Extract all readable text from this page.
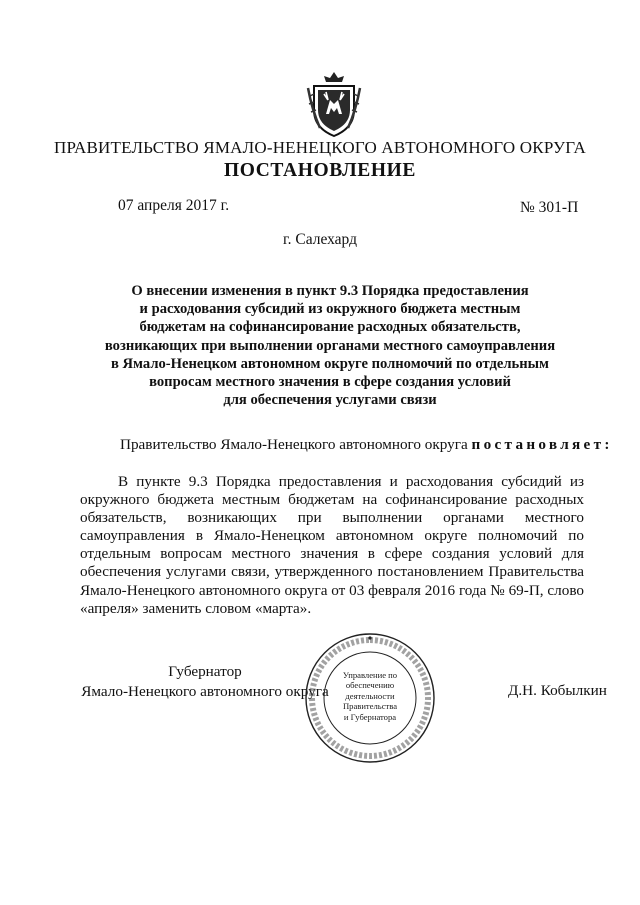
ПРАВИТЕЛЬСТВО ЯМАЛО-НЕНЕЦКОГО АВТОНОМНОГО ОКРУГА
ПОСТАНОВЛЕНИЕ
07 апреля 2017 г.	№ 301-П
г. Салехард
О внесении изменения в пункт 9.3 Порядка предоставления
и расходования субсидий из окружного бюджета местным
бюджетам на софинансирование расходных обязательств,
возникающих при выполнении органами местного самоуправления
в Ямало-Ненецком автономном округе полномочий по отдельным
вопросам местного значения в сфере создания условий
для обеспечения услугами связи
Правительство Ямало-Ненецкого автономного округа постановляет:
В пункте 9.3 Порядка предоставления и расходования субсидий из окружного бюджета местным бюджетам на софинансирование расходных обязательств, возникающих при выполнении органами местного самоуправления в Ямало-Ненецком автономном округе полномочий по отдельным вопросам местного значения в сфере создания условий для обеспечения услугами связи, утвержденного постановлением Правительства Ямало-Ненецкого автономного округа от 03 февраля 2016 года № 69-П, слово «апреля» заменить словом «марта».
Губернатор
Ямало-Ненецкого автономного округа	Д.Н. Кобылкин
Управление по
обеспечению
деятельности
Правительства
и Губернатора
